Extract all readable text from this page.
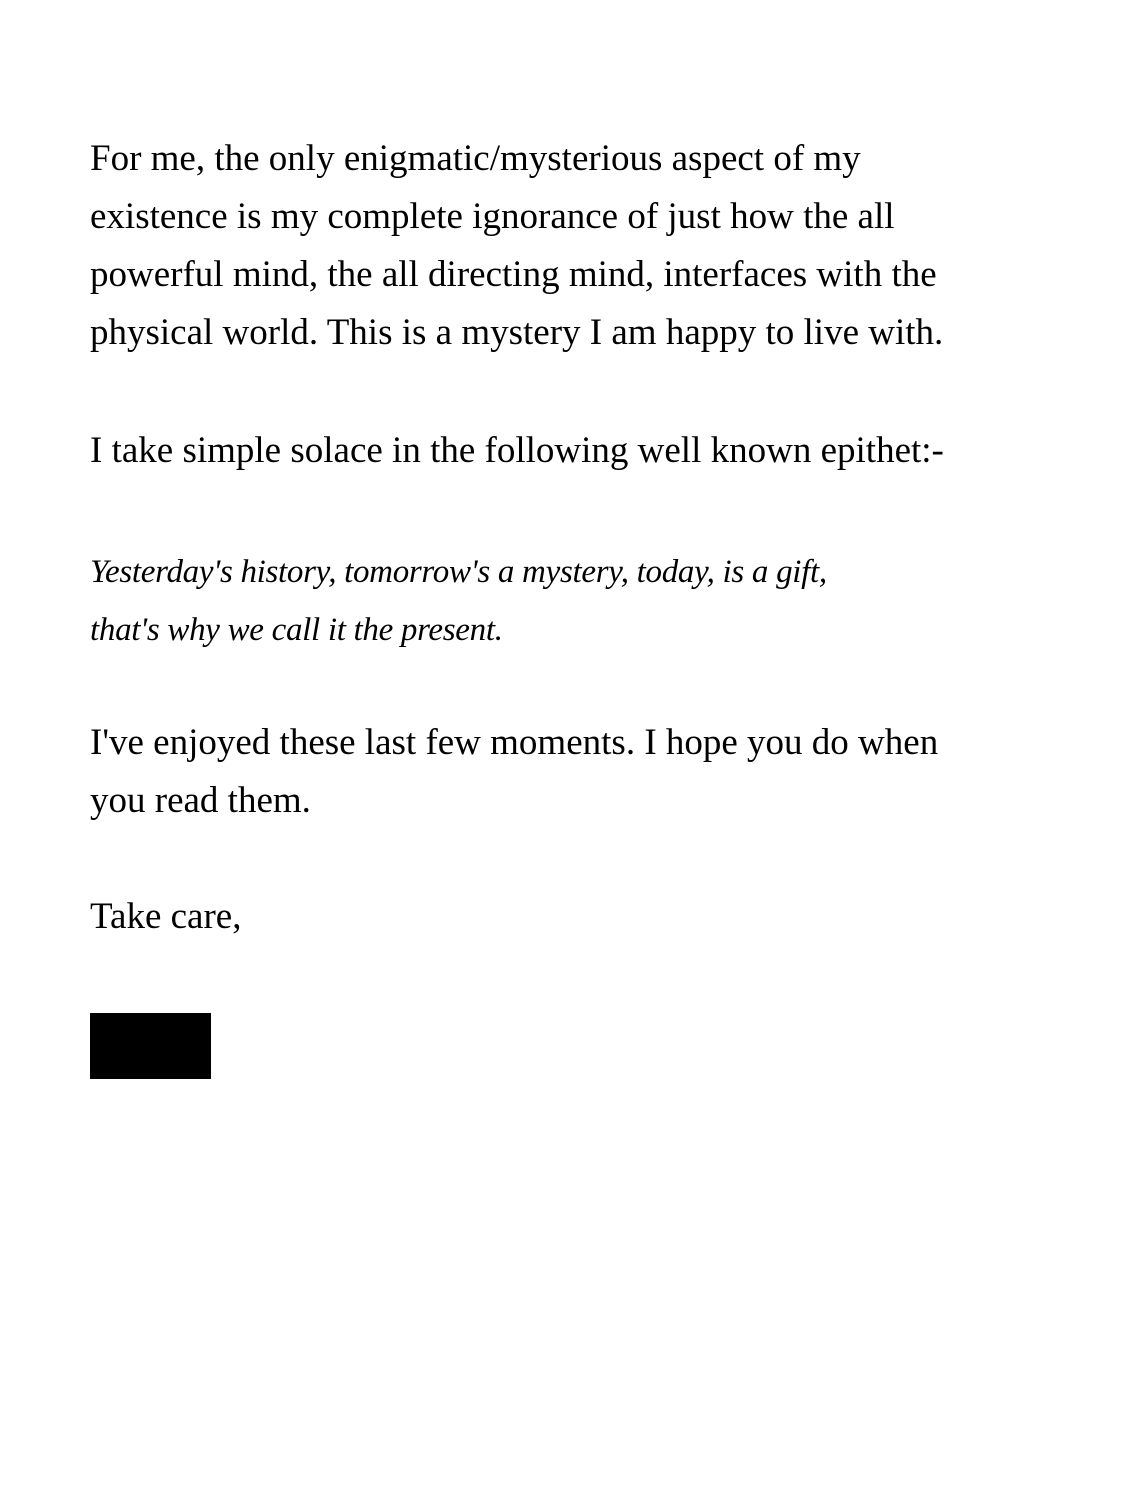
For me, the only enigmatic/mysterious aspect of my
existence is my complete ignorance of just how the all
powerful mind, the all directing mind, interfaces with the
physical world. This is a mystery I am happy to live with.

I take simple solace in the following well known epithet:-

Yesterday's history, tomorrow's a mystery, today, is a gift,
that's why we call it the present.

I've enjoyed these last few moments. I hope you do when
you read them.

Take care,
